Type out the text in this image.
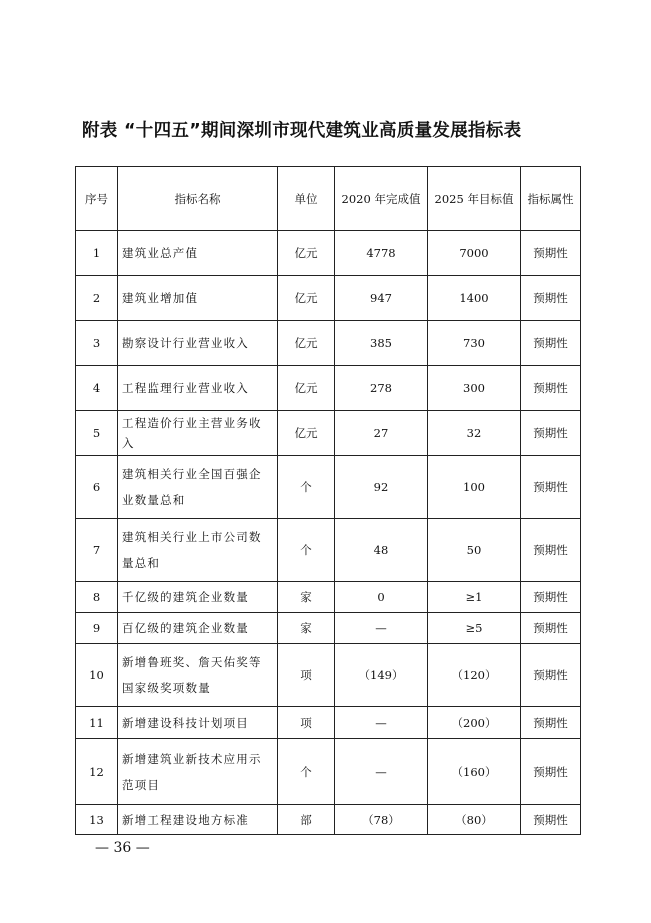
附表 “十四五”期间深圳市现代建筑业高质量发展指标表
序号	指标名称	单位	2020 年完成值	2025 年目标值	指标属性
1	建筑业总产值	亿元	4778	7000	预期性
2	建筑业增加值	亿元	947	1400	预期性
3	勘察设计行业营业收入	亿元	385	730	预期性
4	工程监理行业营业收入	亿元	278	300	预期性
5	工程造价行业主营业务收入	亿元	27	32	预期性
6	建筑相关行业全国百强企业数量总和	个	92	100	预期性
7	建筑相关行业上市公司数量总和	个	48	50	预期性
8	千亿级的建筑企业数量	家	0	≥1	预期性
9	百亿级的建筑企业数量	家	—	≥5	预期性
10	新增鲁班奖、詹天佑奖等国家级奖项数量	项	（149）	（120）	预期性
11	新增建设科技计划项目	项	—	（200）	预期性
12	新增建筑业新技术应用示范项目	个	—	（160）	预期性
13	新增工程建设地方标准	部	（78）	（80）	预期性
— 36 —
